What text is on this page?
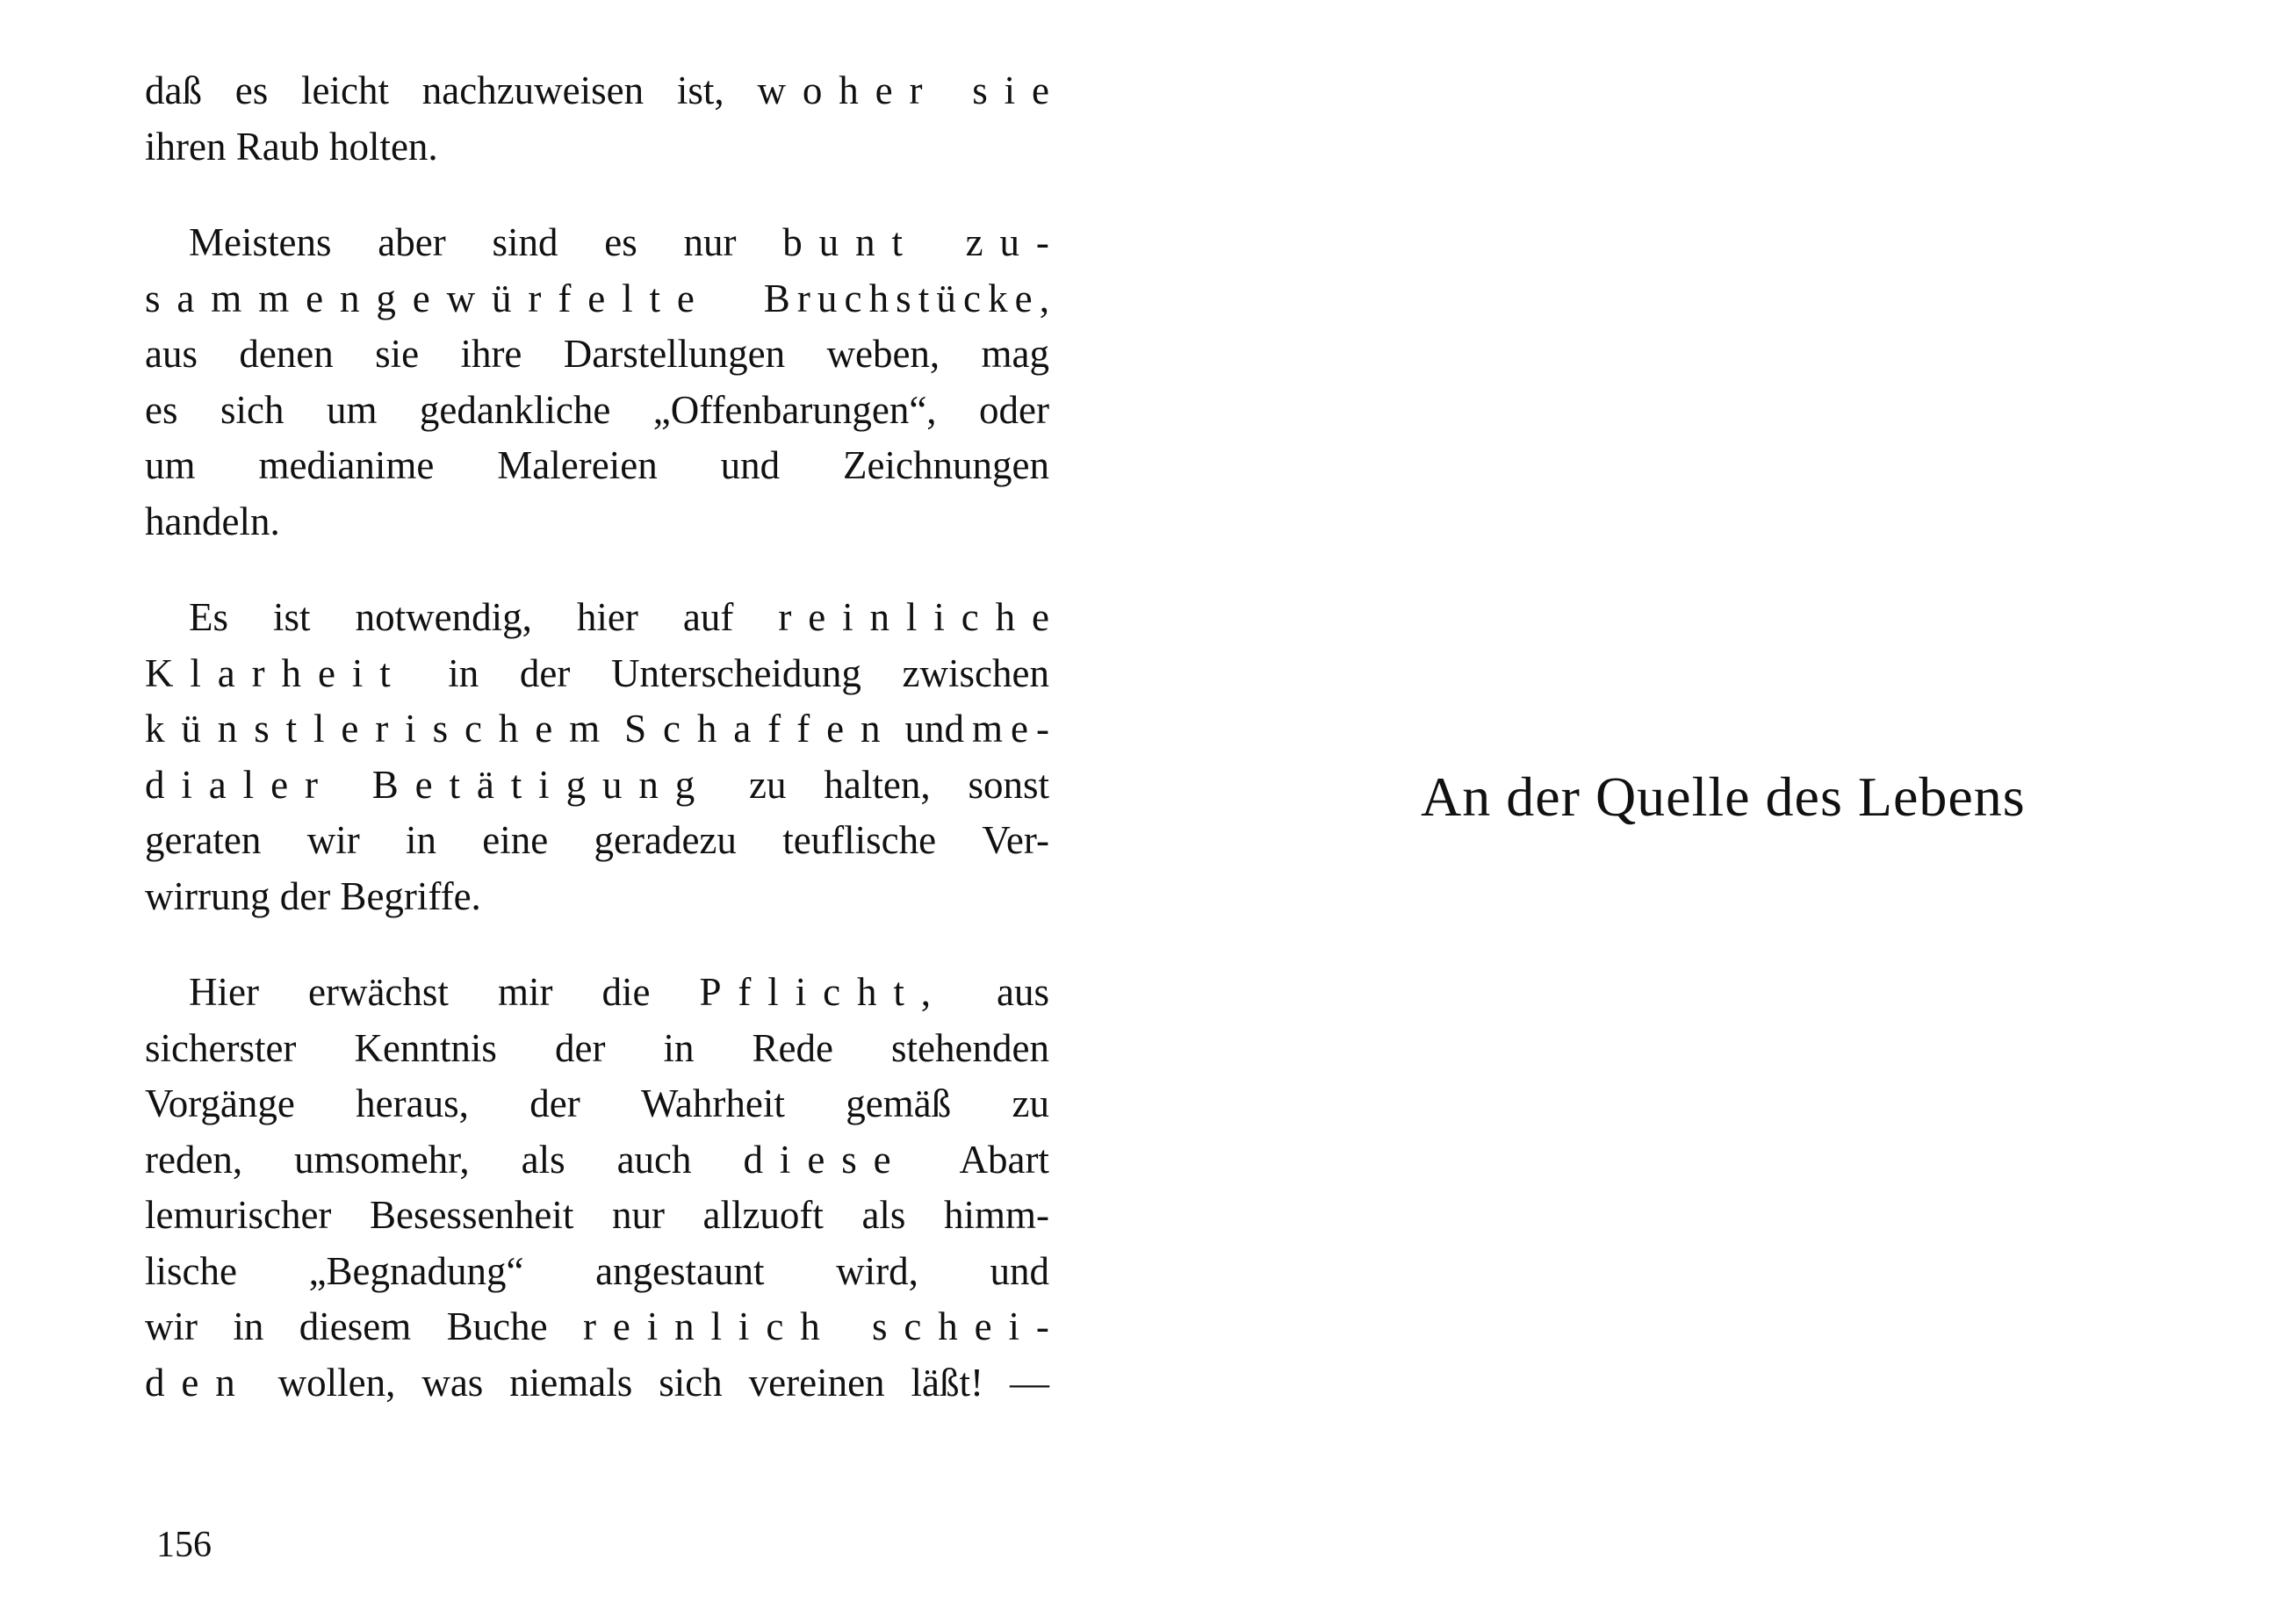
daß es leicht nachzuweisen ist, woher sie
ihren Raub holten.
Meistens aber sind es nur bunt zu-
sammengewürfelte Bruchstücke,
aus denen sie ihre Darstellungen weben, mag
es sich um gedankliche „Offenbarungen“, oder
um medianime Malereien und Zeichnungen
handeln.
Es ist notwendig, hier auf reinliche
Klarheit in der Unterscheidung zwischen
künstlerischem Schaffen und me-
dialer Betätigung zu halten, sonst
geraten wir in eine geradezu teuflische Ver-
wirrung der Begriffe.
Hier erwächst mir die Pflicht, aus
sicherster Kenntnis der in Rede stehenden
Vorgänge heraus, der Wahrheit gemäß zu
reden, umsomehr, als auch diese Abart
lemurischer Besessenheit nur allzuoft als himm-
lische „Begnadung“ angestaunt wird, und
wir in diesem Buche reinlich schei-
den wollen, was niemals sich vereinen läßt! —
156
An der Quelle des Lebens
